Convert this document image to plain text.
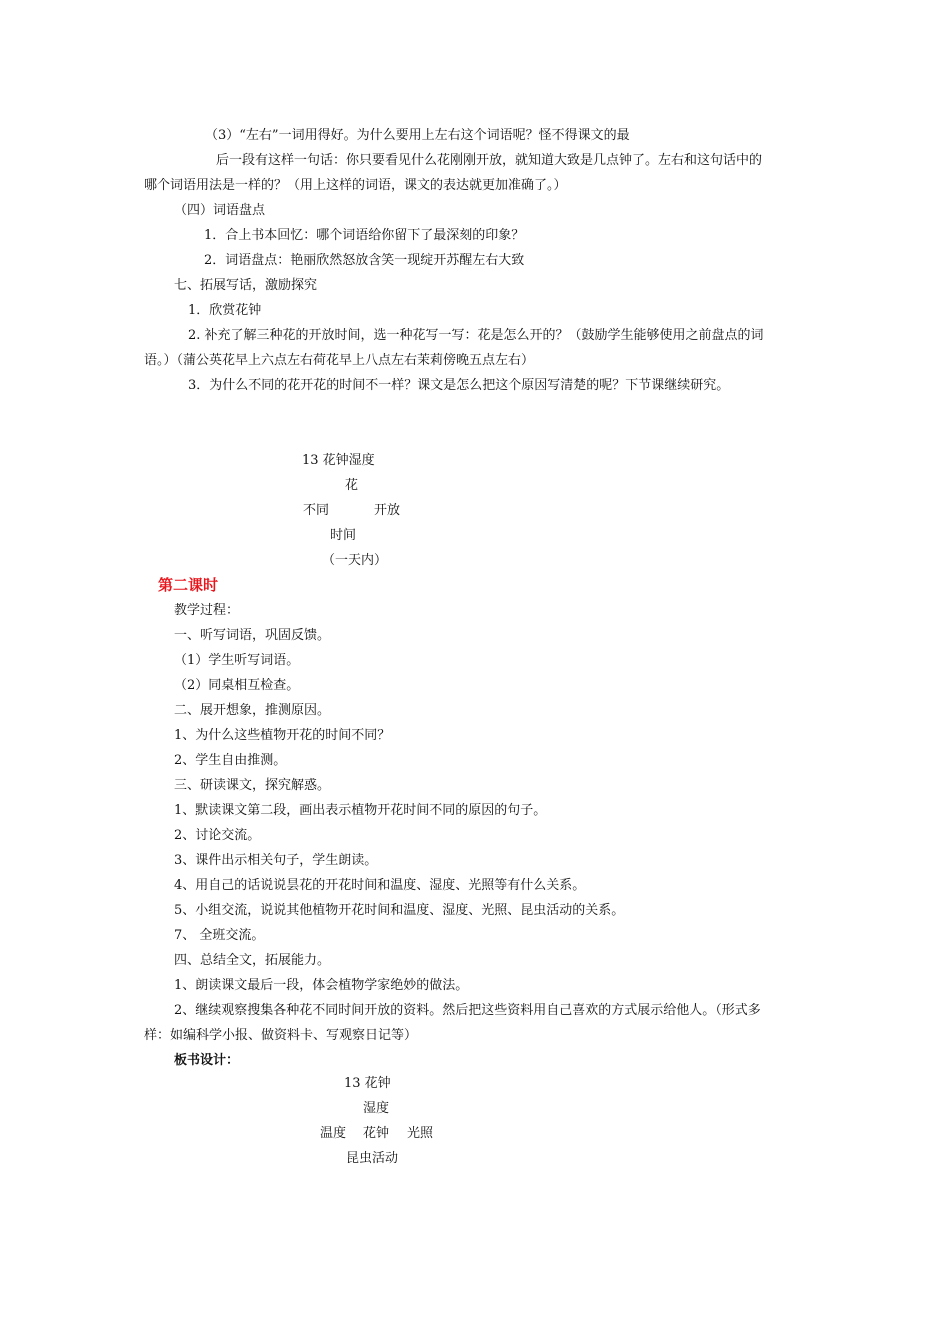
（3）“左右”一词用得好。为什么要用上左右这个词语呢？怪不得课文的最
后一段有这样一句话：你只要看见什么花刚刚开放，就知道大致是几点钟了。左右和这句话中的
哪个词语用法是一样的？（用上这样的词语，课文的表达就更加准确了。）
（四）词语盘点
1．合上书本回忆：哪个词语给你留下了最深刻的印象？
2．词语盘点：艳丽欣然怒放含笑一现绽开苏醒左右大致
七、拓展写话，激励探究
1．欣赏花钟
2. 补充了解三种花的开放时间，选一种花写一写：花是怎么开的？（鼓励学生能够使用之前盘点的词
语。）（蒲公英花早上六点左右荷花早上八点左右茉莉傍晚五点左右）
3．为什么不同的花开花的时间不一样？课文是怎么把这个原因写清楚的呢？下节课继续研究。
13 花钟湿度
花
不同	开放
时间
（一天内）
第二课时
教学过程：
一、听写词语，巩固反馈。
（1）学生听写词语。
（2）同桌相互检查。
二、展开想象，推测原因。
1、为什么这些植物开花的时间不同？
2、学生自由推测。
三、研读课文，探究解惑。
1、默读课文第二段，画出表示植物开花时间不同的原因的句子。
2、讨论交流。
3、课件出示相关句子，学生朗读。
4、用自己的话说说昙花的开花时间和温度、湿度、光照等有什么关系。
5、小组交流，说说其他植物开花时间和温度、湿度、光照、昆虫活动的关系。
7、 全班交流。
四、总结全文，拓展能力。
1、朗读课文最后一段，体会植物学家绝妙的做法。
2、继续观察搜集各种花不同时间开放的资料。然后把这些资料用自己喜欢的方式展示给他人。（形式多
样：如编科学小报、做资料卡、写观察日记等）
板书设计：
13 花钟
湿度
温度 花钟 光照
昆虫活动
